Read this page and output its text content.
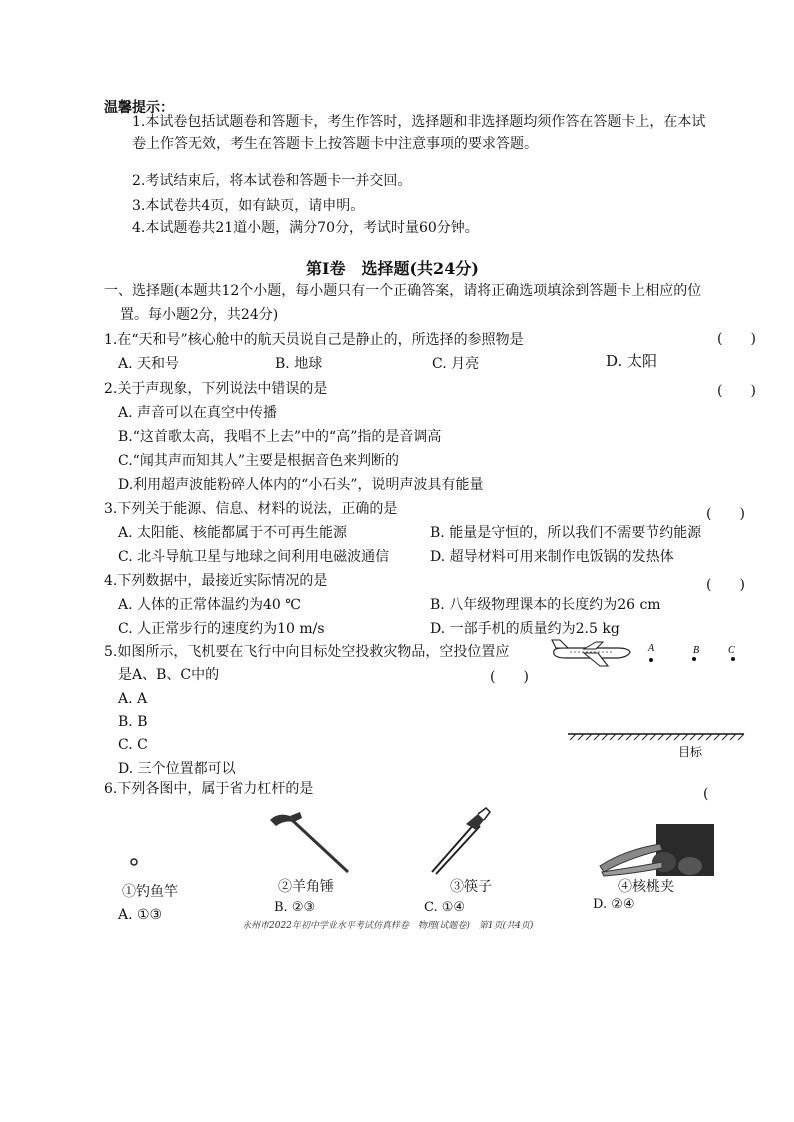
温馨提示：
1.本试卷包括试题卷和答题卡，考生作答时，选择题和非选择题均须作答在答题卡上，在本试
卷上作答无效，考生在答题卡上按答题卡中注意事项的要求答题。
2.考试结束后，将本试卷和答题卡一并交回。
3.本试卷共4页，如有缺页，请申明。
4.本试题卷共21道小题，满分70分，考试时量60分钟。
第Ⅰ卷　选择题(共24分)
一、选择题(本题共12个小题，每小题只有一个正确答案，请将正确选项填涂到答题卡上相应的位
置。每小题2分，共24分)
1.在“天和号”核心舱中的航天员说自己是静止的，所选择的参照物是	(　　)
A. 天和号	B. 地球	C. 月亮	D. 太阳
2.关于声现象，下列说法中错误的是	(　　)
A. 声音可以在真空中传播
B.“这首歌太高，我唱不上去”中的“高”指的是音调高
C.“闻其声而知其人”主要是根据音色来判断的
D.利用超声波能粉碎人体内的“小石头”，说明声波具有能量
3.下列关于能源、信息、材料的说法，正确的是	(　　)
A. 太阳能、核能都属于不可再生能源	B. 能量是守恒的，所以我们不需要节约能源
C. 北斗导航卫星与地球之间利用电磁波通信	D. 超导材料可用来制作电饭锅的发热体
4.下列数据中，最接近实际情况的是	(　　)
A. 人体的正常体温约为40 ℃	B. 八年级物理课本的长度约为26 cm
C. 人正常步行的速度约为10 m/s	D. 一部手机的质量约为2.5 kg
5.如图所示，飞机要在飞行中向目标处空投救灾物品，空投位置应
是A、B、C中的	(　　)
A. A
B. B
C. C
D. 三个位置都可以
A	B	C
目标
6.下列各图中，属于省力杠杆的是	(
①钓鱼竿	②羊角锤	③筷子	④核桃夹
A. ①③	B. ②③	C. ①④	D. ②④
永州市2022年初中学业水平考试仿真样卷　物理(试题卷)　第1页(共4页)
